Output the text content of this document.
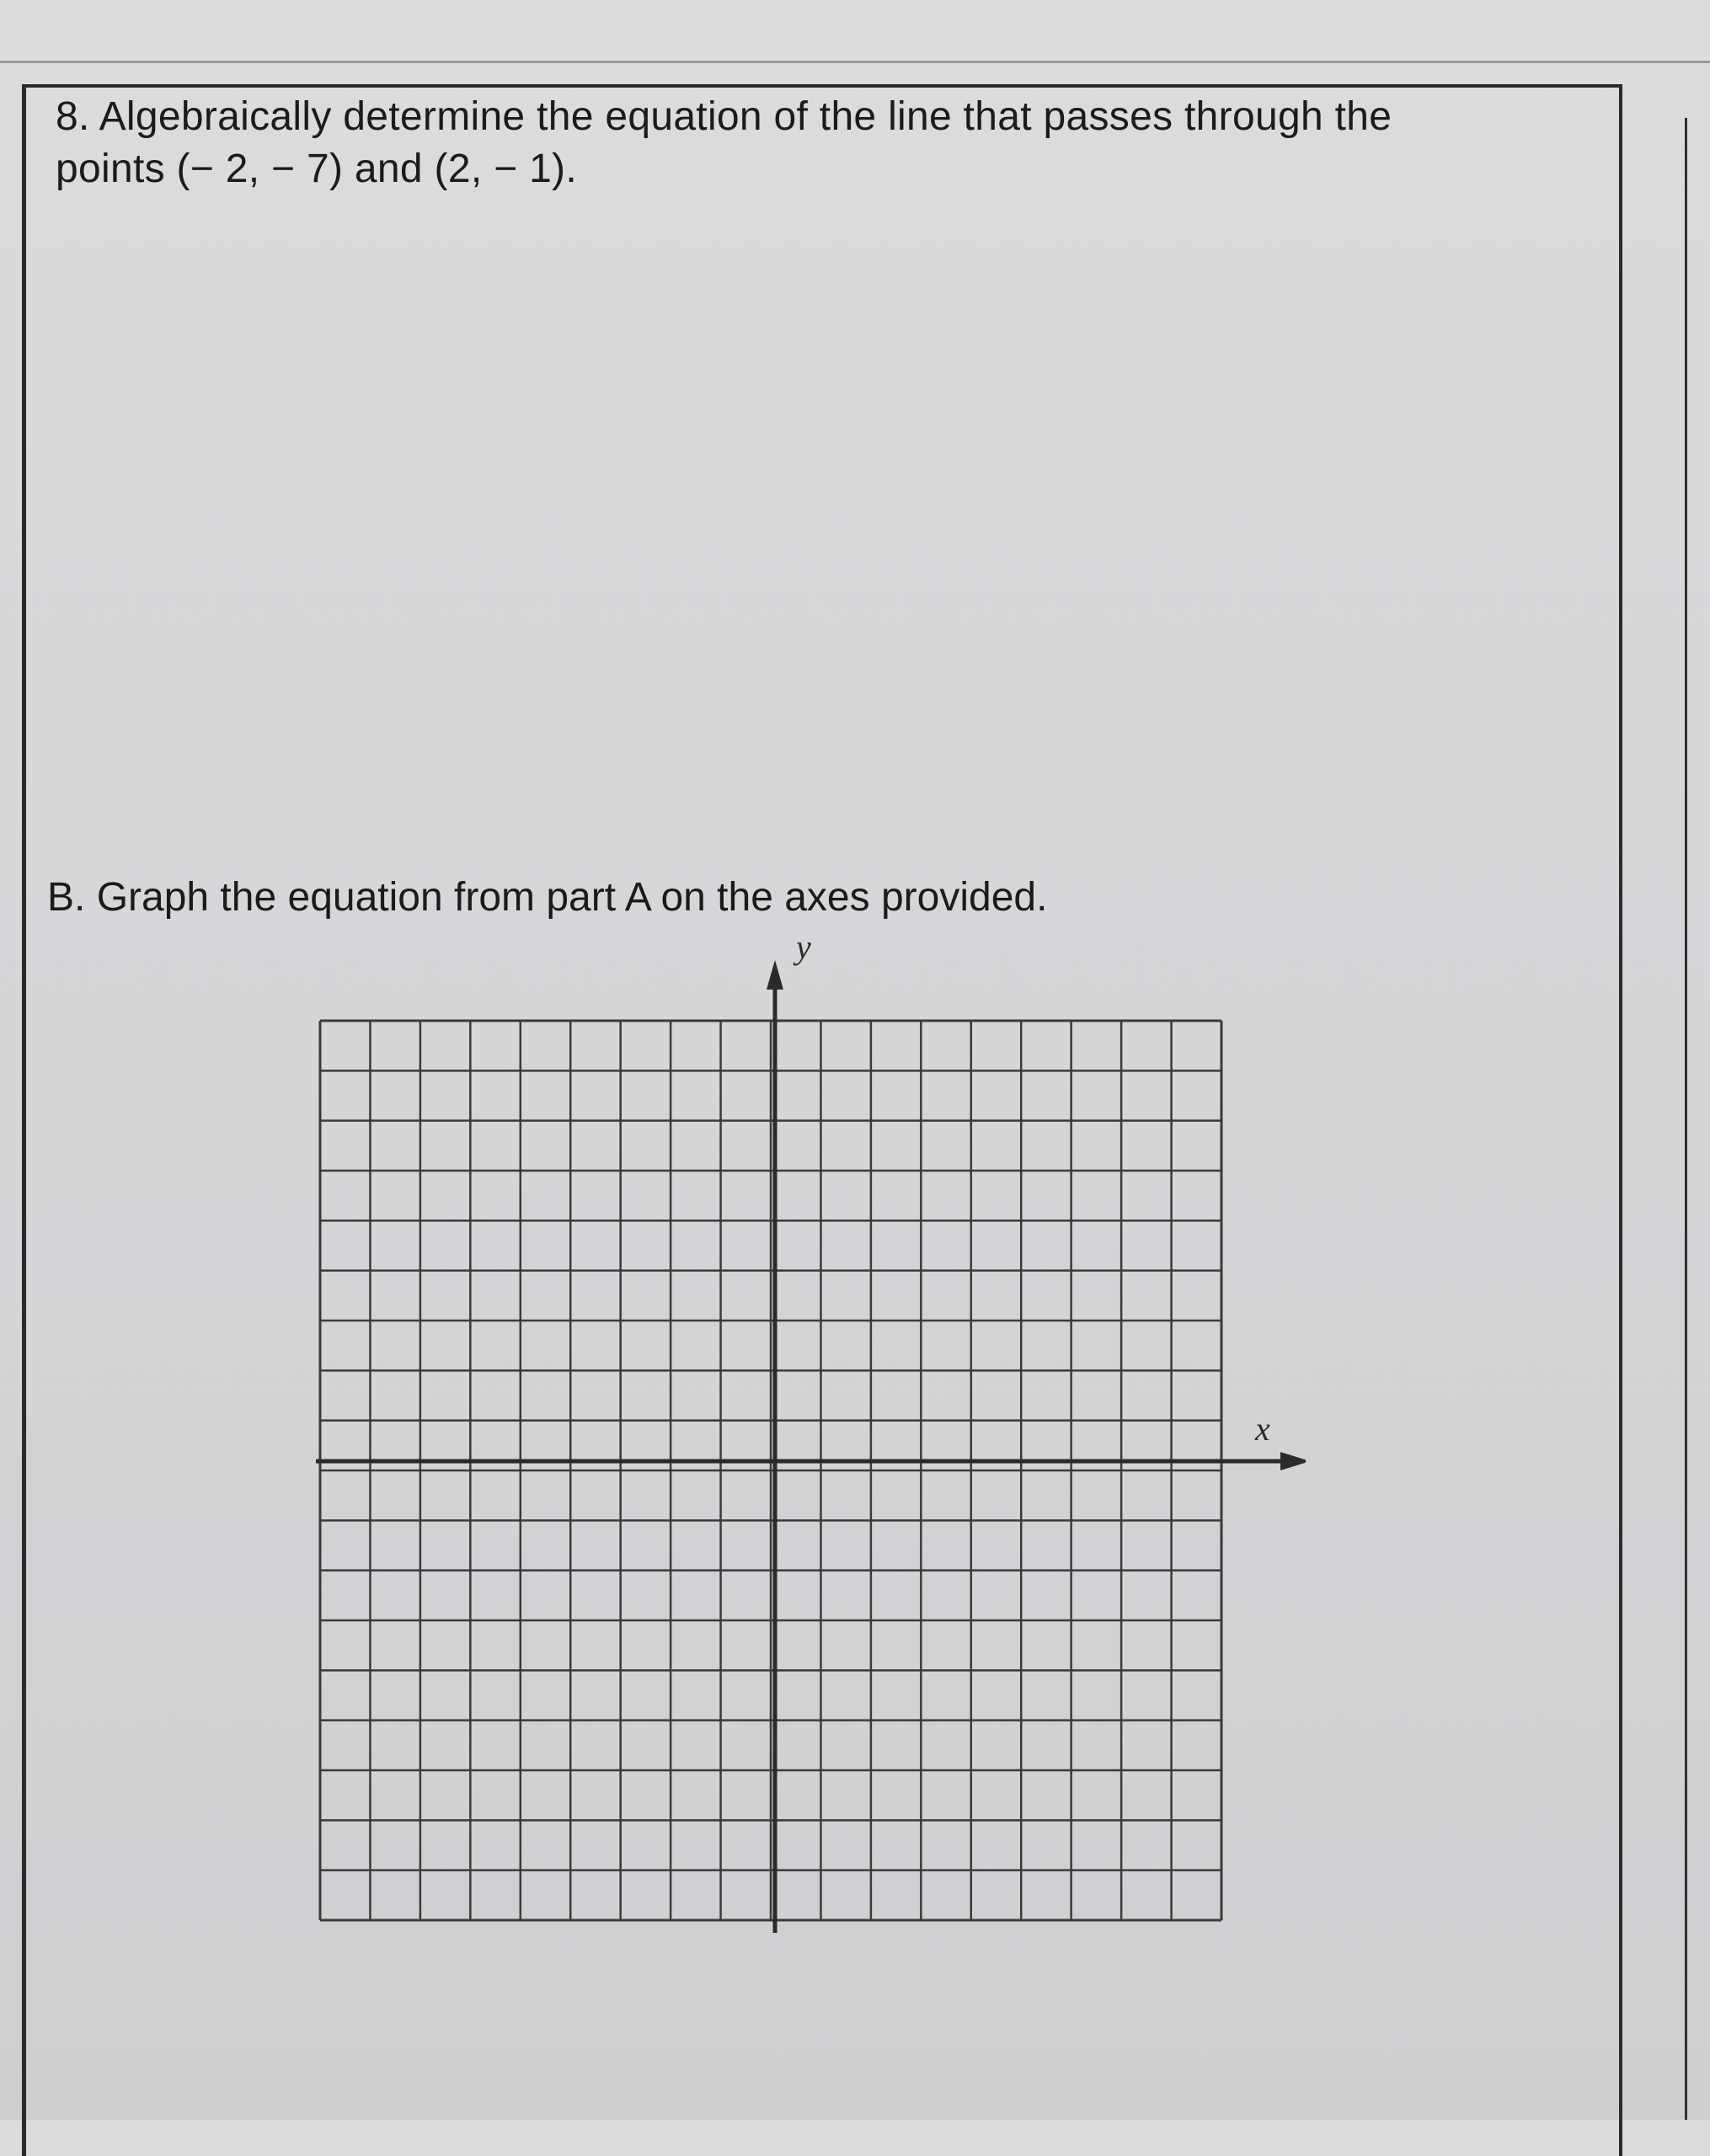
8. Algebraically determine the equation of the line that passes through the
points (− 2, − 7) and (2, − 1).
B. Graph the equation from part A on the axes provided.
y
x
